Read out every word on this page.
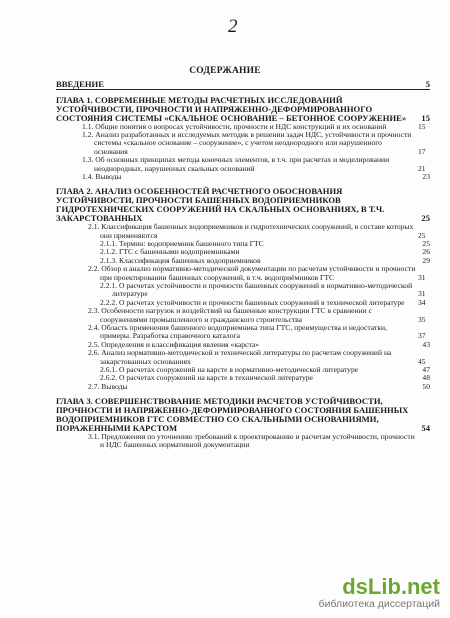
2
СОДЕРЖАНИЕ
ВВЕДЕНИЕ	5
ГЛАВА 1. СОВРЕМЕННЫЕ МЕТОДЫ РАСЧЕТНЫХ ИССЛЕДОВАНИЙ УСТОЙЧИВОСТИ, ПРОЧНОСТИ И НАПРЯЖЕННО-ДЕФОРМИРОВАННОГО СОСТОЯНИЯ СИСТЕМЫ «СКАЛЬНОЕ ОСНОВАНИЕ – БЕТОННОЕ СООРУЖЕНИЕ»	15
1.1. Общие понятия о вопросах устойчивости, прочности и НДС конструкций и их оснований	15
1.2. Анализ разработанных и исследуемых методик в решении задач НДС, устойчивости и прочности системы «скальное основание – сооружение», с учетом неоднородного или нарушенного основания	17
1.3. Об основных принципах метода конечных элементов, в т.ч. при расчетах и моделировании неоднородных, нарушенных скальных оснований	21
1.4. Выводы	23
ГЛАВА 2. АНАЛИЗ ОСОБЕННОСТЕЙ РАСЧЕТНОГО ОБОСНОВАНИЯ УСТОЙЧИВОСТИ, ПРОЧНОСТИ БАШЕННЫХ ВОДОПРИЕМНИКОВ ГИДРОТЕХНИЧЕСКИХ СООРУЖЕНИЙ НА СКАЛЬНЫХ ОСНОВАНИЯХ, В Т.Ч. ЗАКАРСТОВАННЫХ	25
2.1. Классификация башенных водоприемников и гидротехнических сооружений, в составе которых они применяются	25
2.1.1. Термин: водоприемник башенного типа ГТС	25
2.1.2. ГТС с башенными водоприемниками	26
2.1.3. Классификация башенных водоприемников	29
2.2. Обзор и анализ нормативно-методической документации по расчетам устойчивости и прочности при проектировании башенных сооружений, в т.ч. водоприёмников ГТС	31
2.2.1. О расчетах устойчивости и прочности башенных сооружений в нормативно-методической литературе	31
2.2.2. О расчетах устойчивости и прочности башенных сооружений в технической литературе	34
2.3. Особенности нагрузок и воздействий на башенные конструкции ГТС в сравнении с сооружениями промышленного и гражданского строительства	35
2.4. Область применения башенного водоприемника типа ГТС, преимущества и недостатки, примеры. Разработка справочного каталога	37
2.5. Определения и классификация явления «карста»	43
2.6. Анализ нормативно-методической и технической литературы по расчетам сооружений на закарстованных основаниях	45
2.6.1. О расчетах сооружений на карсте в нормативно-методической литературе	47
2.6.2. О расчетах сооружений на карсте в технической литературе	48
2.7. Выводы	50
ГЛАВА 3. СОВЕРШЕНСТВОВАНИЕ МЕТОДИКИ РАСЧЕТОВ УСТОЙЧИВОСТИ, ПРОЧНОСТИ И НАПРЯЖЕННО-ДЕФОРМИРОВАННОГО СОСТОЯНИЯ БАШЕННЫХ ВОДОПРИЕМНИКОВ ГТС СОВМЕСТНО СО СКАЛЬНЫМИ ОСНОВАНИЯМИ, ПОРАЖЕННЫМИ КАРСТОМ	54
3.1. Предложения по уточнению требований к проектированию и расчетам устойчивости, прочности и НДС башенных нормативной документации
dsLib.net
библиотека диссертаций
